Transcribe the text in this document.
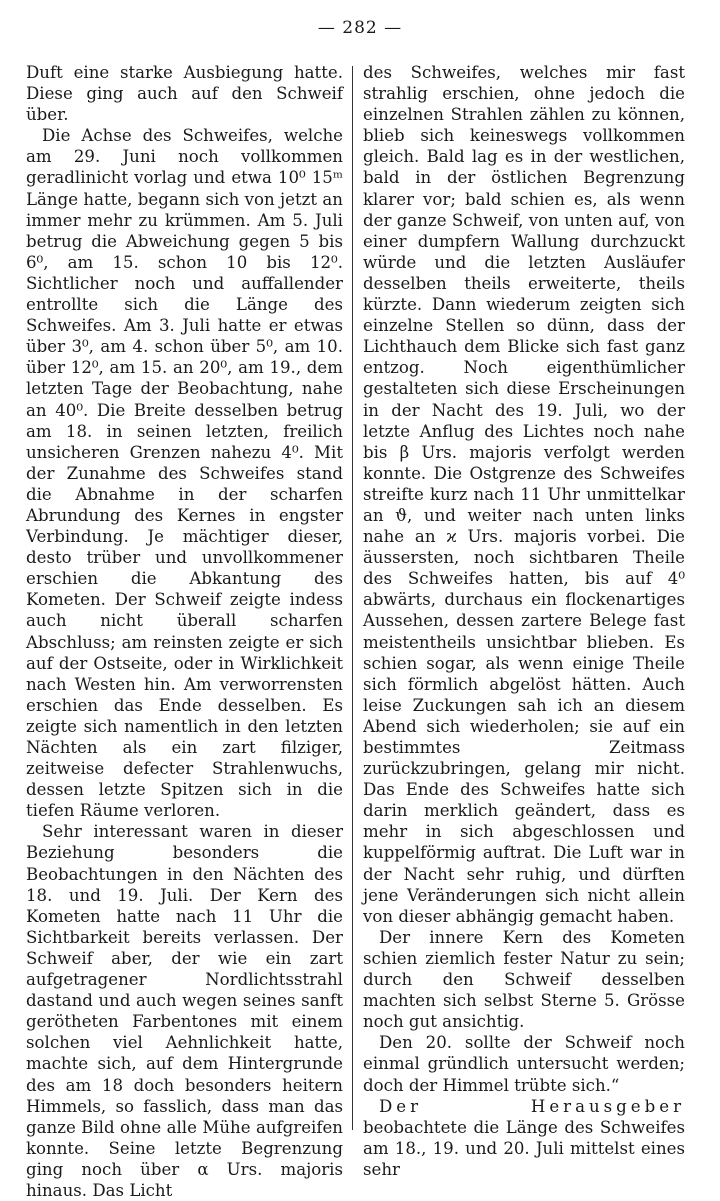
— 282 —

Duft eine starke Ausbiegung hatte. Diese ging auch auf den Schweif über.

Die Achse des Schweifes, welche am 29. Juni noch vollkommen geradlinicht vorlag und etwa 10⁰ 15ᵐ Länge hatte, begann sich von jetzt an immer mehr zu krümmen. Am 5. Juli betrug die Abweichung gegen 5 bis 6⁰, am 15. schon 10 bis 12⁰. Sichtlicher noch und auffallender entrollte sich die Länge des Schweifes. Am 3. Juli hatte er etwas über 3⁰, am 4. schon über 5⁰, am 10. über 12⁰, am 15. an 20⁰, am 19., dem letzten Tage der Beobachtung, nahe an 40⁰. Die Breite desselben betrug am 18. in seinen letzten, freilich unsicheren Grenzen nahezu 4⁰. Mit der Zunahme des Schweifes stand die Abnahme in der scharfen Abrundung des Kernes in engster Verbindung. Je mächtiger dieser, desto trüber und unvollkommener erschien die Abkantung des Kometen. Der Schweif zeigte indess auch nicht überall scharfen Abschluss; am reinsten zeigte er sich auf der Ostseite, oder in Wirklichkeit nach Westen hin. Am verworrensten erschien das Ende desselben. Es zeigte sich namentlich in den letzten Nächten als ein zart filziger, zeitweise defecter Strahlenwuchs, dessen letzte Spitzen sich in die tiefen Räume verloren.

Sehr interessant waren in dieser Beziehung besonders die Beobachtungen in den Nächten des 18. und 19. Juli. Der Kern des Kometen hatte nach 11 Uhr die Sichtbarkeit bereits verlassen. Der Schweif aber, der wie ein zart aufgetragener Nordlichtsstrahl dastand und auch wegen seines sanft gerötheten Farbentones mit einem solchen viel Aehnlichkeit hatte, machte sich, auf dem Hintergrunde des am 18 doch besonders heitern Himmels, so fasslich, dass man das ganze Bild ohne alle Mühe aufgreifen konnte. Seine letzte Begrenzung ging noch über α Urs. majoris hinaus. Das Licht

des Schweifes, welches mir fast strahlig erschien, ohne jedoch die einzelnen Strahlen zählen zu können, blieb sich keineswegs vollkommen gleich. Bald lag es in der westlichen, bald in der östlichen Begrenzung klarer vor; bald schien es, als wenn der ganze Schweif, von unten auf, von einer dumpfern Wallung durchzuckt würde und die letzten Ausläufer desselben theils erweiterte, theils kürzte. Dann wiederum zeigten sich einzelne Stellen so dünn, dass der Lichthauch dem Blicke sich fast ganz entzog. Noch eigenthümlicher gestalteten sich diese Erscheinungen in der Nacht des 19. Juli, wo der letzte Anflug des Lichtes noch nahe bis β Urs. majoris verfolgt werden konnte. Die Ostgrenze des Schweifes streifte kurz nach 11 Uhr unmittelkar an ϑ, und weiter nach unten links nahe an ϰ Urs. majoris vorbei. Die äussersten, noch sichtbaren Theile des Schweifes hatten, bis auf 4⁰ abwärts, durchaus ein flockenartiges Aussehen, dessen zartere Belege fast meistentheils unsichtbar blieben. Es schien sogar, als wenn einige Theile sich förmlich abgelöst hätten. Auch leise Zuckungen sah ich an diesem Abend sich wiederholen; sie auf ein bestimmtes Zeitmass zurückzubringen, gelang mir nicht. Das Ende des Schweifes hatte sich darin merklich geändert, dass es mehr in sich abgeschlossen und kuppelförmig auftrat. Die Luft war in der Nacht sehr ruhig, und dürften jene Veränderungen sich nicht allein von dieser abhängig gemacht haben.

Der innere Kern des Kometen schien ziemlich fester Natur zu sein; durch den Schweif desselben machten sich selbst Sterne 5. Grösse noch gut ansichtig.

Den 20. sollte der Schweif noch einmal gründlich untersucht werden; doch der Himmel trübte sich.“

Der Herausgeber beobachtete die Länge des Schweifes am 18., 19. und 20. Juli mittelst eines sehr
